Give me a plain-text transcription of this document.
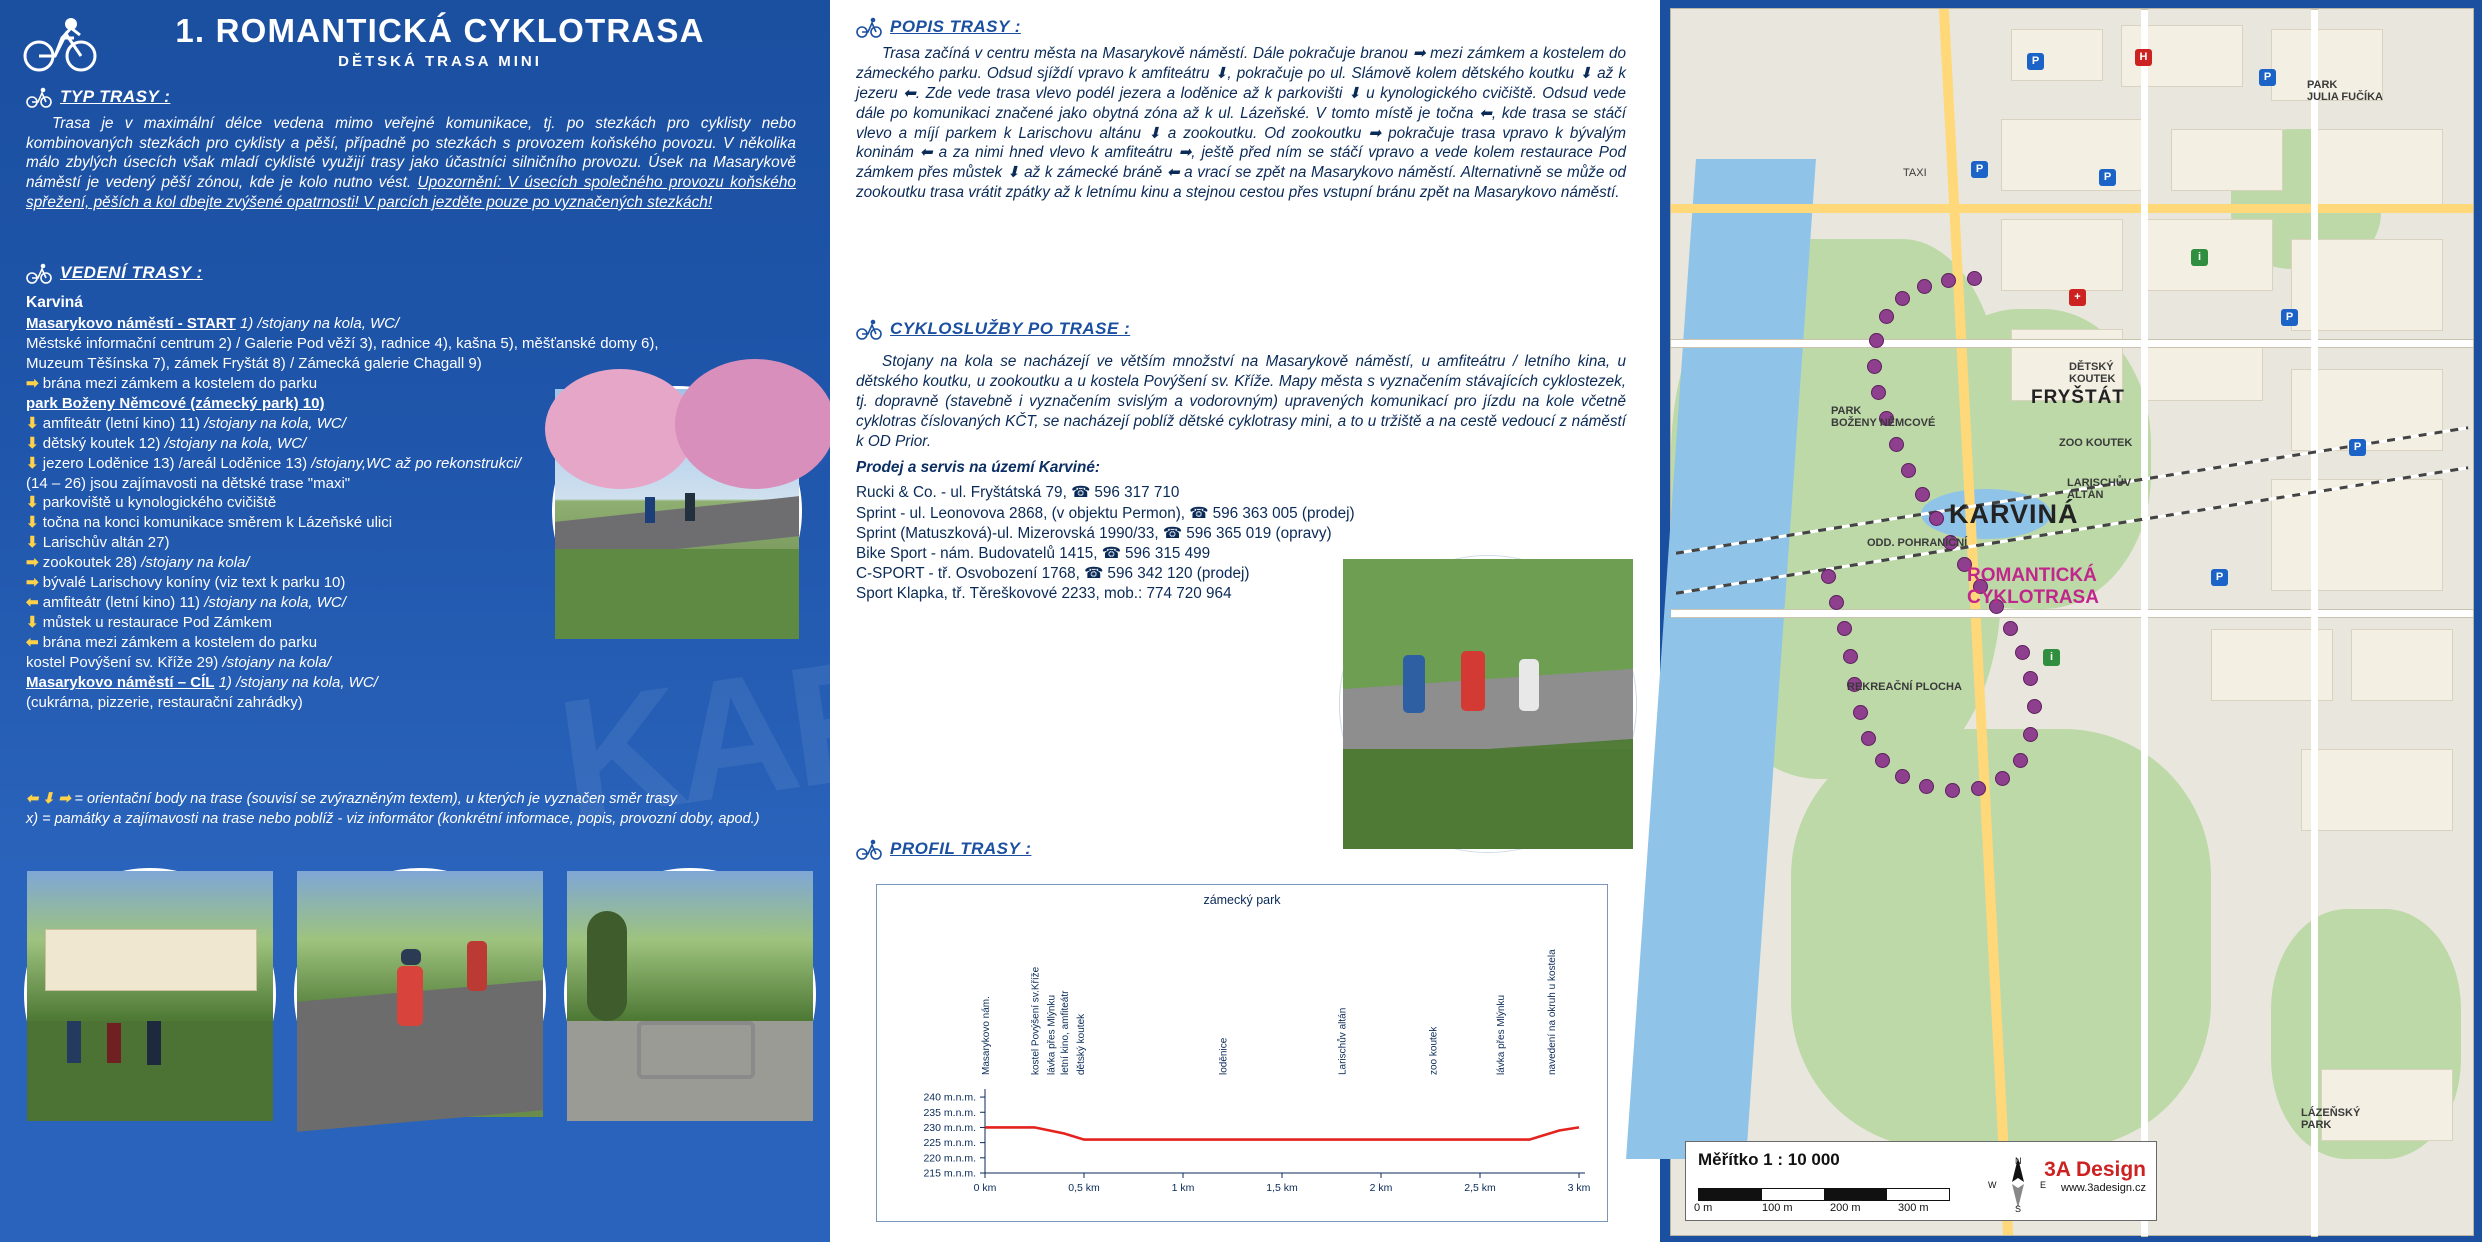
KAR
1. ROMANTICKÁ CYKLOTRASA
DĚTSKÁ TRASA MINI
TYP TRASY :

Trasa je v maximální délce vedena mimo veřejné komunikace, tj. po stezkách pro cyklisty nebo kombinovaných stezkách pro cyklisty a pěší, případně po stezkách s provozem koňského povozu. V několika málo zbylých úsecích však mladí cyklisté využijí trasy jako účastníci silničního provozu. Úsek na Masarykově náměstí je vedený pěší zónou, kde je kolo nutno vést. Upozornění: V úsecích společného provozu koňského spřežení, pěších a kol dbejte zvýšené opatrnosti! V parcích jezděte pouze po vyznačených stezkách!

VEDENÍ TRASY :
Karviná
Masarykovo náměstí - START 1) /stojany na kola, WC/
Městské informační centrum 2) / Galerie Pod věží 3), radnice 4), kašna 5), měšťanské domy 6),
Muzeum Těšínska 7), zámek Fryštát 8) / Zámecká galerie Chagall 9)
➡ brána mezi zámkem a kostelem do parku
park Boženy Němcové (zámecký park) 10)
⬇ amfiteátr (letní kino) 11) /stojany na kola, WC/
⬇ dětský koutek 12) /stojany na kola, WC/
⬇ jezero Loděnice 13) /areál Loděnice 13) /stojany,WC až po rekonstrukci/
(14 – 26) jsou zajímavosti na dětské trase "maxi"
⬇ parkoviště u kynologického cvičiště
⬇ točna na konci komunikace směrem k Lázeňské ulici
⬇ Larischův altán 27)
➡ zookoutek 28) /stojany na kola/
➡ bývalé Larischovy koníny (viz text k parku 10)
⬅ amfiteátr (letní kino) 11) /stojany na kola, WC/
⬇ můstek u restaurace Pod Zámkem
⬅ brána mezi zámkem a kostelem do parku
kostel Povýšení sv. Kříže 29) /stojany na kola/
Masarykovo náměstí – CÍL 1) /stojany na kola, WC/
(cukrárna, pizzerie, restaurační zahrádky)
⬅ ⬇ ➡ = orientační body na trase (souvisí se zvýrazněným textem), u kterých je vyznačen směr trasy
x) = památky a zajímavosti na trase nebo poblíž - viz informátor (konkrétní informace, popis, provozní doby, apod.)
POPIS TRASY :

Trasa začíná v centru města na Masarykově náměstí. Dále pokračuje branou ➡ mezi zámkem a kostelem do zámeckého parku. Odsud sjíždí vpravo k amfiteátru ⬇, pokračuje po ul. Slámově kolem dětského koutku ⬇ až k jezeru ⬅. Zde vede trasa vlevo podél jezera a loděnice až k parkovišti ⬇ u kynologického cvičiště. Odsud vede dále po komunikaci značené jako obytná zóna až k ul. Lázeňské. V tomto místě je točna ⬅, kde trasa se stáčí vlevo a míjí parkem k Larischovu altánu ⬇ a zookoutku. Od zookoutku ➡ pokračuje trasa vpravo k bývalým koninám ⬅ a za nimi hned vlevo k amfiteátru ➡, ještě před ním se stáčí vpravo a vede kolem restaurace Pod zámkem přes můstek ⬇ až k zámecké bráně ⬅ a vrací se zpět na Masarykovo náměstí. Alternativně se může od zookoutku trasa vrátit zpátky až k letnímu kinu a stejnou cestou přes vstupní bránu zpět na Masarykovo náměstí.

CYKLOSLUŽBY PO TRASE :

Stojany na kola se nacházejí ve větším množství na Masarykově náměstí, u amfiteátru / letního kina, u dětského koutku, u zookoutku a u kostela Povýšení sv. Kříže. Mapy města s vyznačením stávajících cyklostezek, tj. dopravně (stavebně i vyznačením svislým a vodorovným) upravených komunikací pro jízdu na kole včetně cyklotras číslovaných KČT, se nacházejí poblíž dětské cyklotrasy mini, a to u tržiště a na cestě vedoucí z náměstí k OD Prior.

Prodej a servis na území Karviné:
Rucki & Co. - ul. Fryštátská 79, ☎ 596 317 710
Sprint - ul. Leonovova 2868, (v objektu Permon), ☎ 596 363 005 (prodej)
Sprint (Matuszková)-ul. Mizerovská 1990/33, ☎ 596 365 019 (opravy)
Bike Sport - nám. Budovatelů 1415, ☎ 596 315 499
C-SPORT - tř. Osvobození 1768, ☎ 596 342 120 (prodej)
Sport Klapka, tř. Těreškovové 2233, mob.: 774 720 964
PROFIL TRASY :
zámecký park
215 m.n.m.
220 m.n.m.
225 m.n.m.
230 m.n.m.
235 m.n.m.
240 m.n.m.
0 km	0,5 km	1 km	1,5 km	2 km	2,5 km	3 km
Masarykovo nám.	kostel Povýšení sv.Kříže lávka přes Mlýnku letní kino, amfiteátr dětský koutek	loděnice	Larischův altán	zoo koutek	lávka přes Mlýnku	navedení na okruh u kostela
P	H
P
P
P
i
P
+
P
P
i
FRYŠTÁT
KARVINÁ
ROMANTICKÁ
CYKLOTRASA
PARK
BOŽENY NĚMCOVÉ
DĚTSKÝ
KOUTEK
ZOO KOUTEK
LARISCHŮV
ALTÁN
ODD. POHRANIČNÍ
REKREAČNÍ PLOCHA
PARK
JULIA FUČÍKA
LÁZEŇSKÝ
PARK
TAXI
Měřítko 1 : 10 000
0 m	100 m	200 m	300 m
N
S
W	E
3A Design
www.3adesign.cz
